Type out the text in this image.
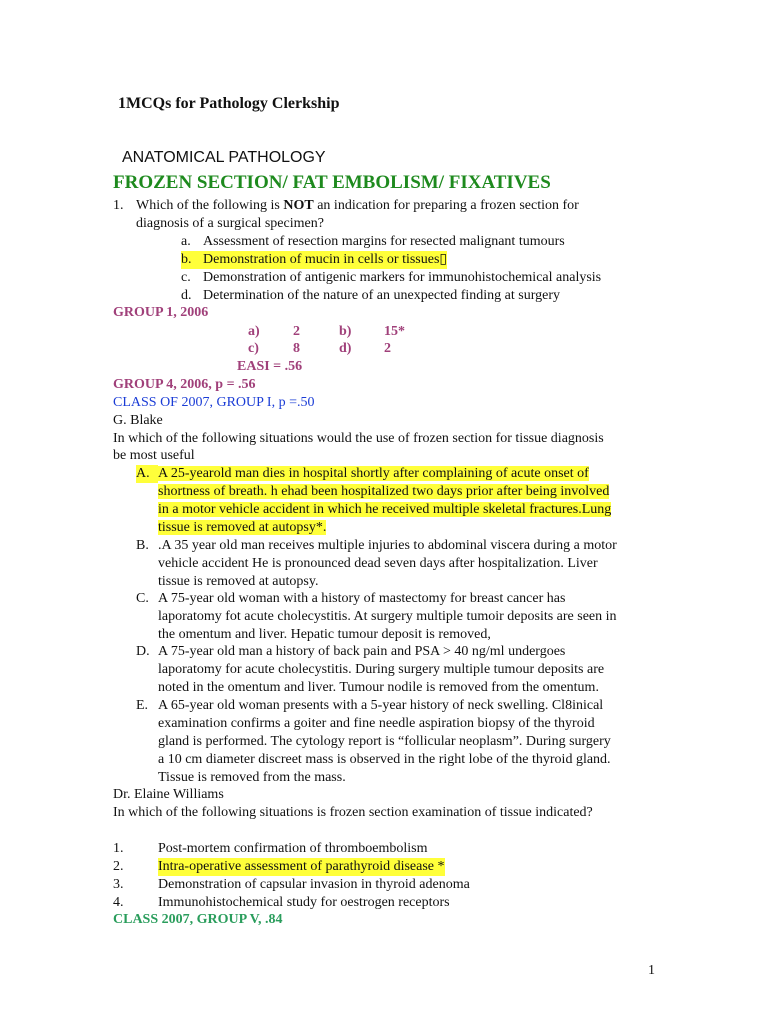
1MCQs for Pathology Clerkship
ANATOMICAL PATHOLOGY
FROZEN SECTION/ FAT EMBOLISM/ FIXATIVES
1. Which of the following is NOT an indication for preparing a frozen section for
diagnosis of a surgical specimen?
a. Assessment of resection margins for resected malignant tumours
b. Demonstration of mucin in cells or tissues▯
c. Demonstration of antigenic markers for immunohistochemical analysis
d. Determination of the nature of an unexpected finding at surgery
GROUP 1, 2006
a) 2	b) 15*
c) 8	d) 2
EASI = .56
GROUP 4, 2006, p = .56
CLASS OF 2007, GROUP I, p =.50
G. Blake
In which of the following situations would the use of frozen section for tissue diagnosis
be most useful
A. A 25-yearold man dies in hospital shortly after complaining of acute onset of
shortness of breath. h ehad been hospitalized two days prior after being involved
in a motor vehicle accident in which he received multiple skeletal fractures.Lung
tissue is removed at autopsy*.
B. .A 35 year old man receives multiple injuries to abdominal viscera during a motor
vehicle accident He is pronounced dead seven days after hospitalization. Liver
tissue is removed at autopsy.
C. A 75-year old woman with a history of mastectomy for breast cancer has
laporatomy fot acute cholecystitis. At surgery multiple tumoir deposits are seen in
the omentum and liver. Hepatic tumour deposit is removed,
D. A 75-year old man a history of back pain and PSA > 40 ng/ml undergoes
laporatomy for acute cholecystitis. During surgery multiple tumour deposits are
noted in the omentum and liver. Tumour nodile is removed from the omentum.
E. A 65-year old woman presents with a 5-year history of neck swelling. Cl8inical
examination confirms a goiter and fine needle aspiration biopsy of the thyroid
gland is performed. The cytology report is “follicular neoplasm”. During surgery
a 10 cm diameter discreet mass is observed in the right lobe of the thyroid gland.
Tissue is removed from the mass.
Dr. Elaine Williams
In which of the following situations is frozen section examination of tissue indicated?
1. Post-mortem confirmation of thromboembolism
2. Intra-operative assessment of parathyroid disease *
3. Demonstration of capsular invasion in thyroid adenoma
4. Immunohistochemical study for oestrogen receptors
CLASS 2007, GROUP V, .84
1
